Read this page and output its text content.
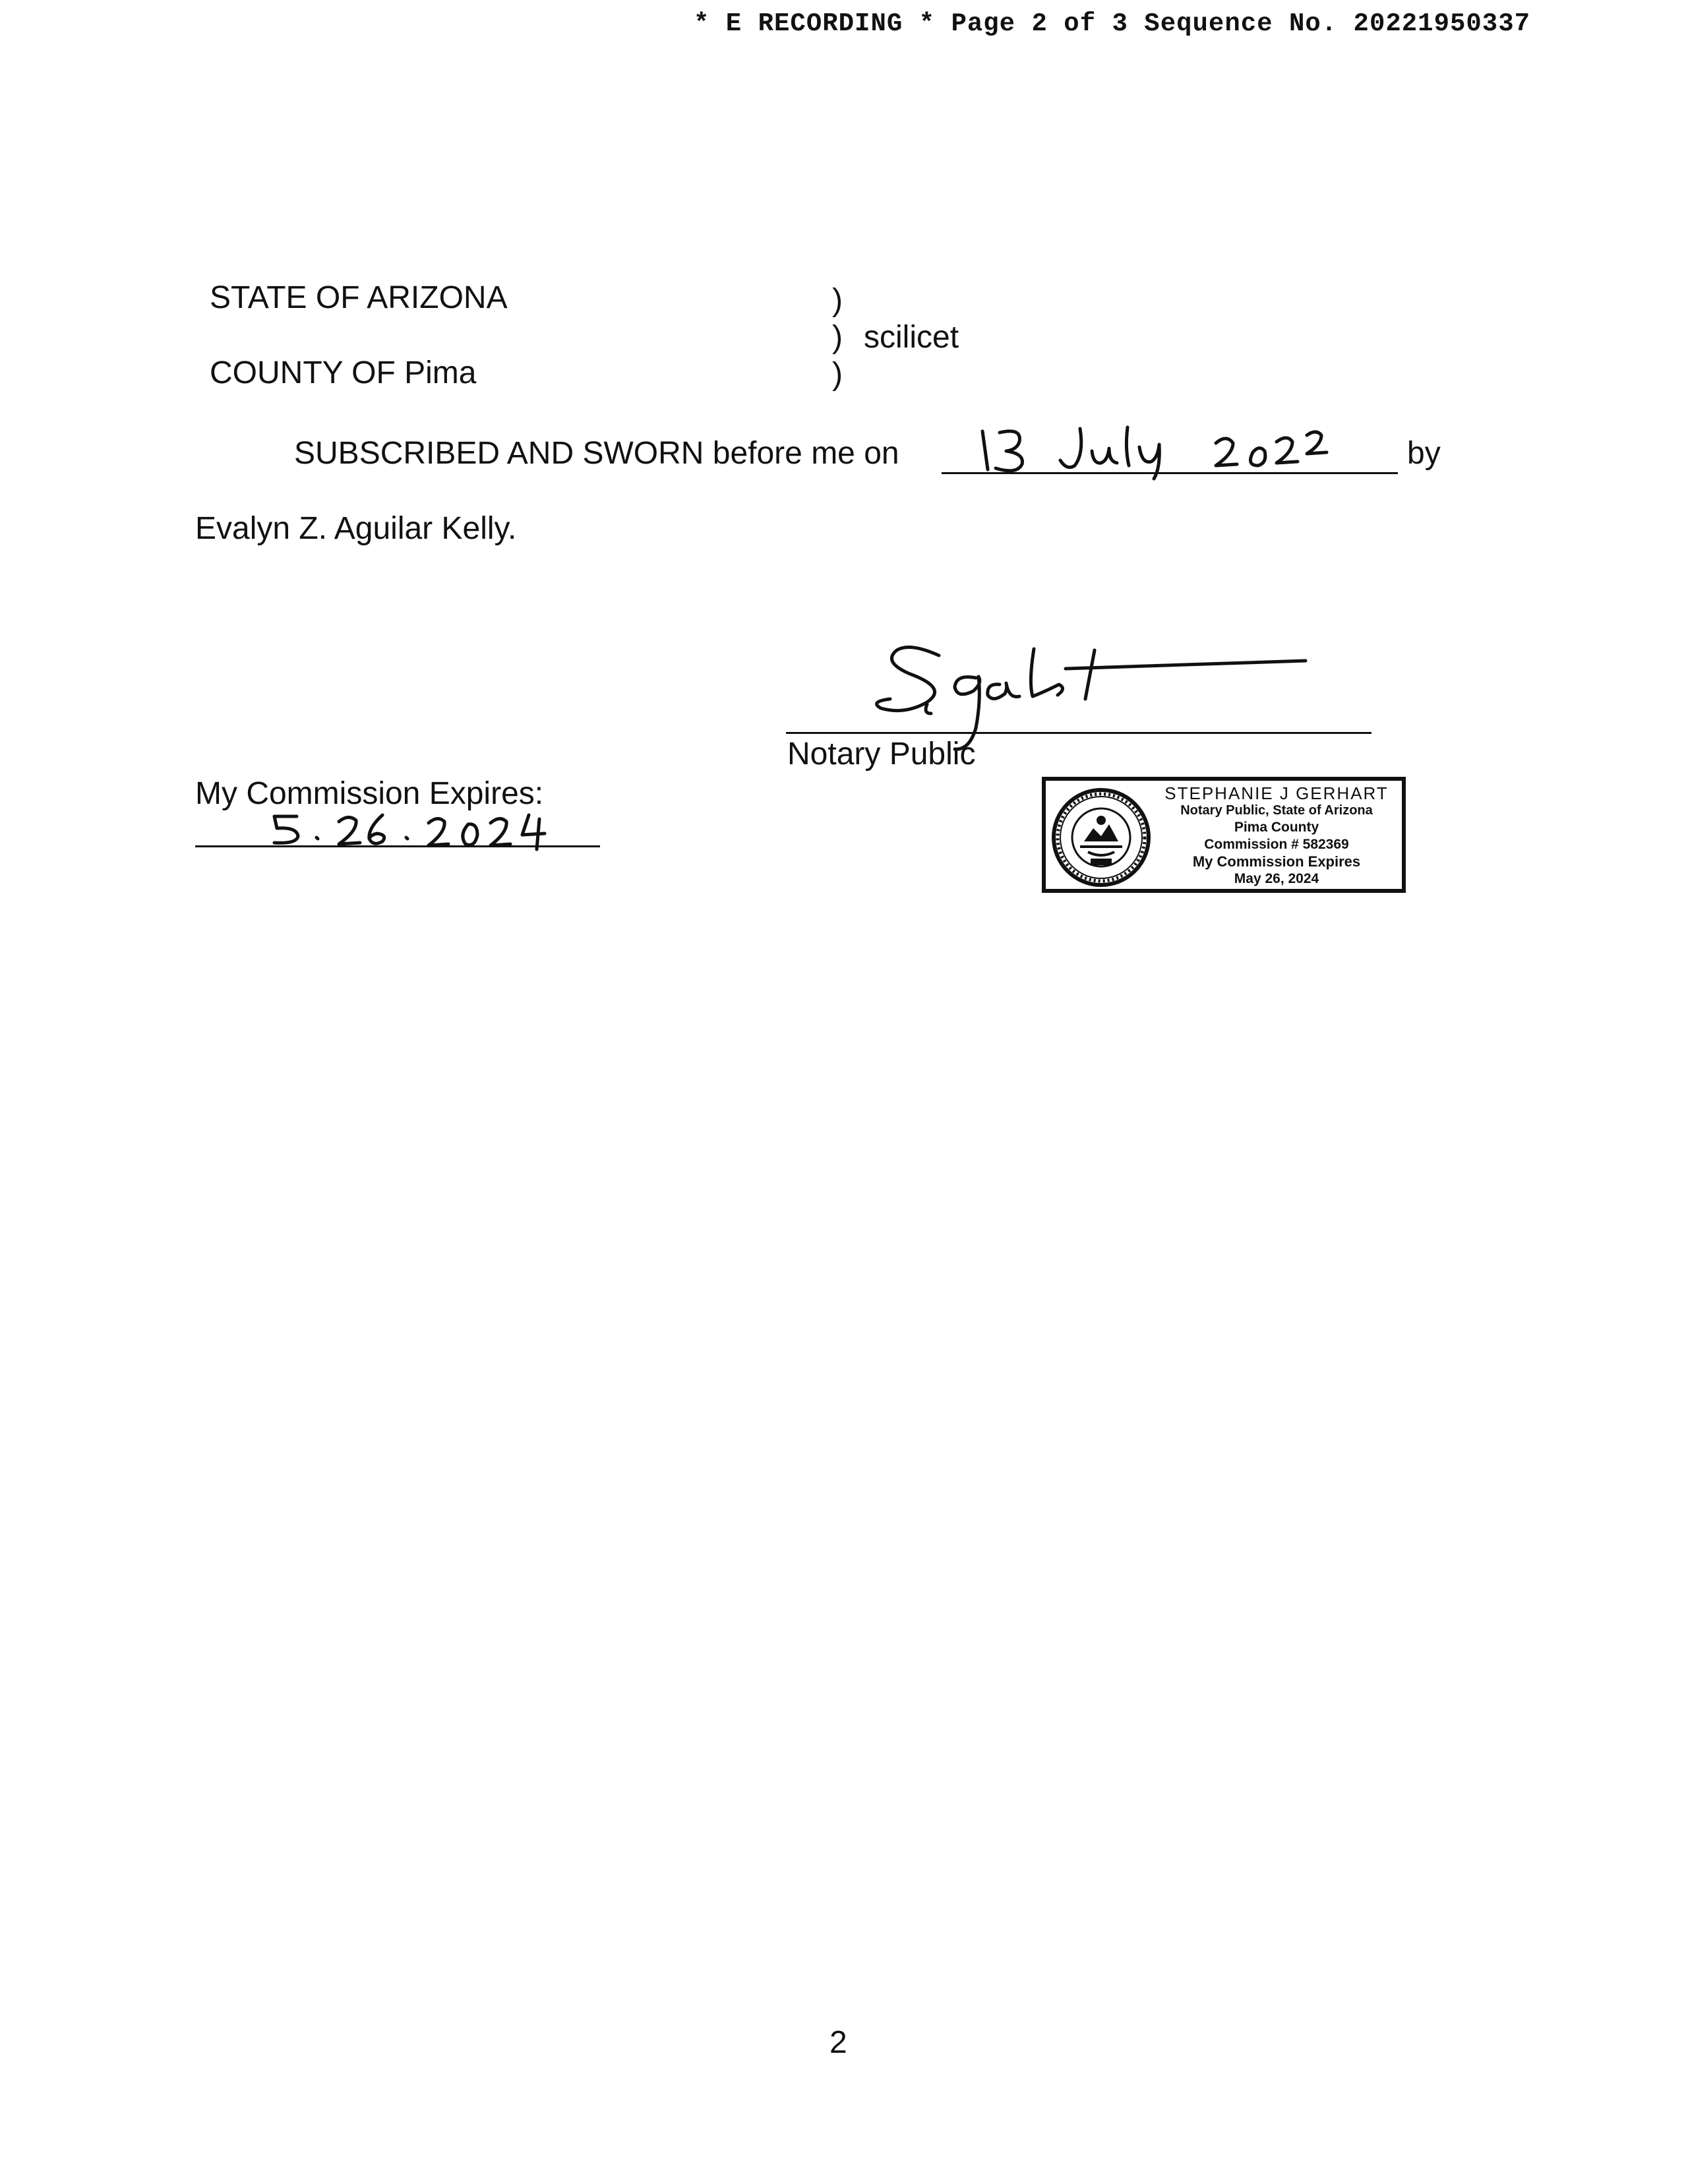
* E RECORDING * Page 2 of 3 Sequence No. 20221950337
STATE OF ARIZONA
COUNTY OF Pima
)
) scilicet
)
SUBSCRIBED AND SWORN before me on	by
Evalyn Z. Aguilar Kelly.
Notary Public
My Commission Expires:	STEPHANIE J GERHART
Notary Public, State of Arizona
Pima County
Commission # 582369
My Commission Expires
May 26, 2024
2
